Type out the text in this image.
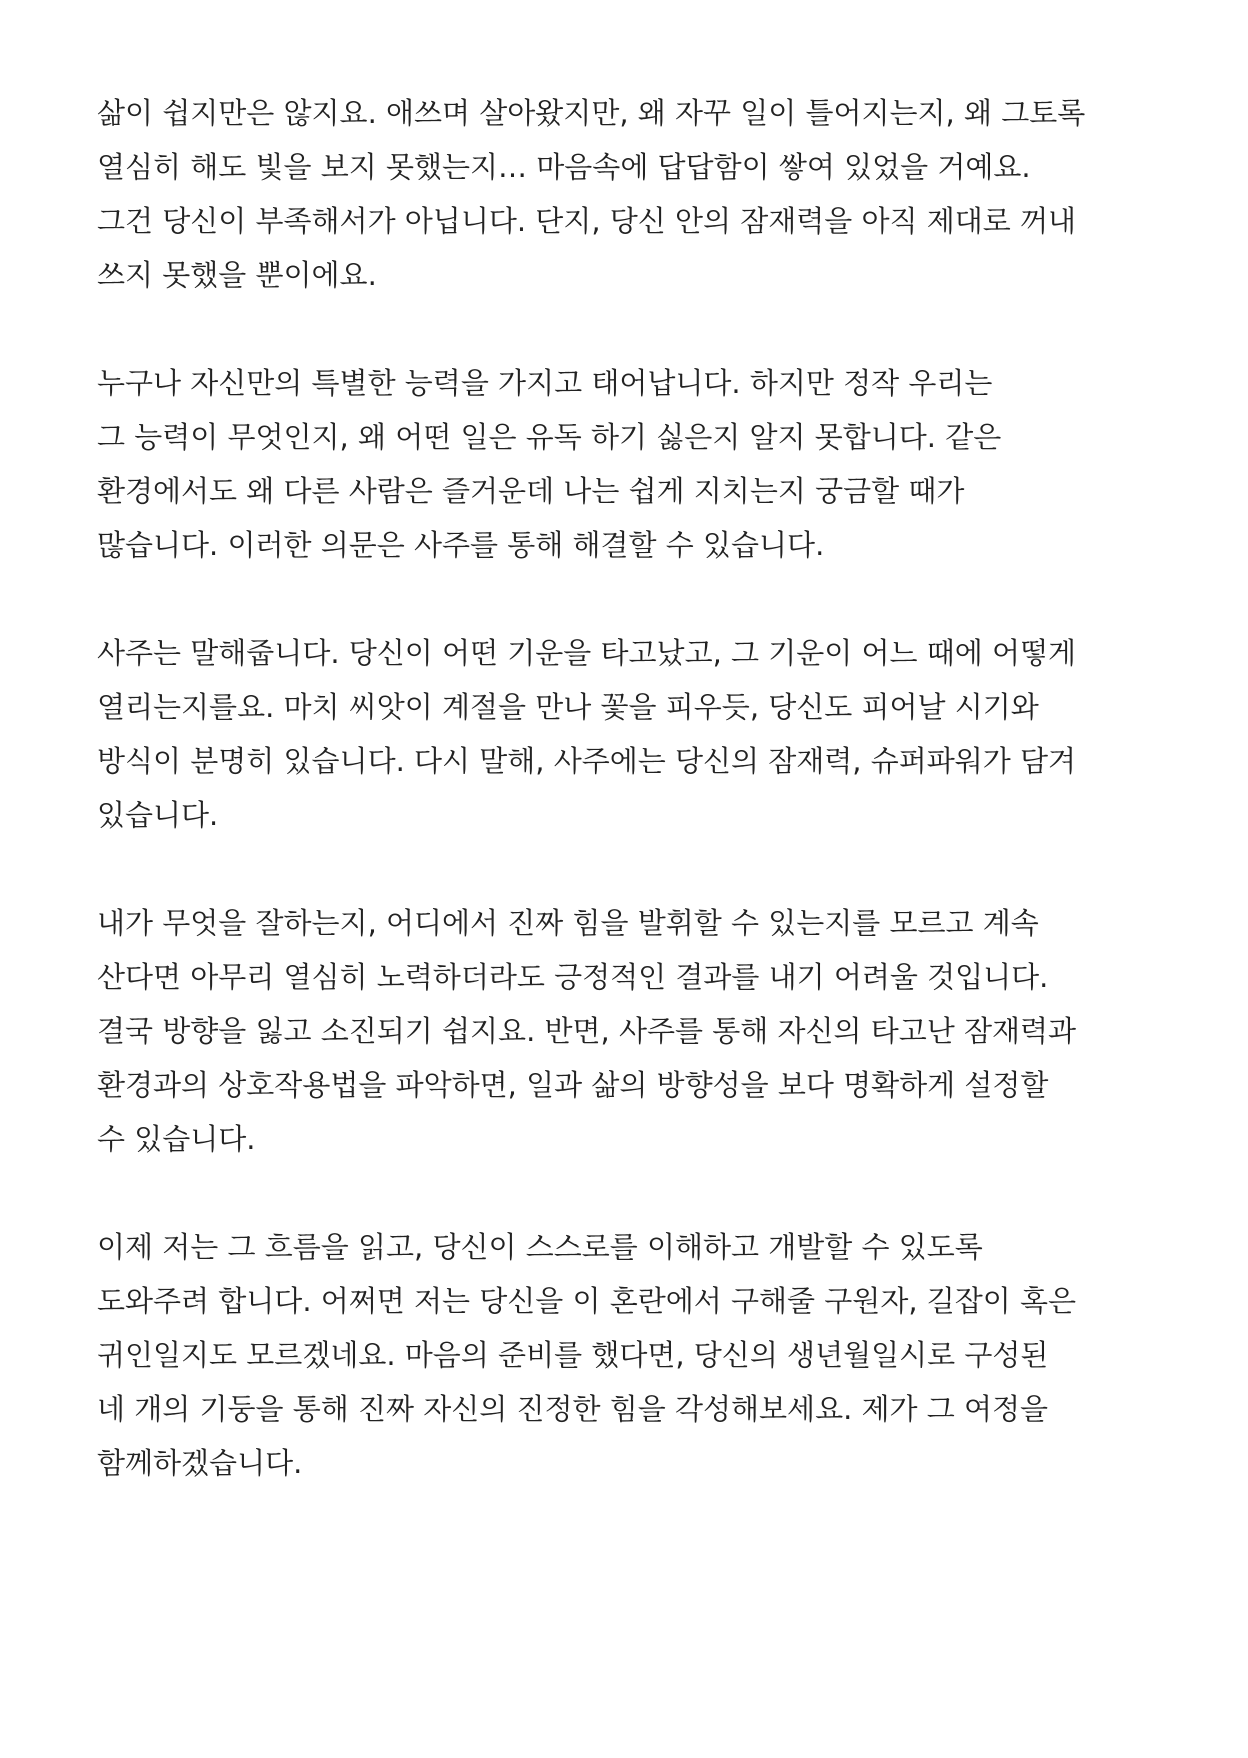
삶이 쉽지만은 않지요. 애쓰며 살아왔지만, 왜 자꾸 일이 틀어지는지, 왜 그토록
열심히 해도 빛을 보지 못했는지… 마음속에 답답함이 쌓여 있었을 거예요.
그건 당신이 부족해서가 아닙니다. 단지, 당신 안의 잠재력을 아직 제대로 꺼내
쓰지 못했을 뿐이에요.

누구나 자신만의 특별한 능력을 가지고 태어납니다. 하지만 정작 우리는
그 능력이 무엇인지, 왜 어떤 일은 유독 하기 싫은지 알지 못합니다. 같은
환경에서도 왜 다른 사람은 즐거운데 나는 쉽게 지치는지 궁금할 때가
많습니다. 이러한 의문은 사주를 통해 해결할 수 있습니다.

사주는 말해줍니다. 당신이 어떤 기운을 타고났고, 그 기운이 어느 때에 어떻게
열리는지를요. 마치 씨앗이 계절을 만나 꽃을 피우듯, 당신도 피어날 시기와
방식이 분명히 있습니다. 다시 말해, 사주에는 당신의 잠재력, 슈퍼파워가 담겨
있습니다.

내가 무엇을 잘하는지, 어디에서 진짜 힘을 발휘할 수 있는지를 모르고 계속
산다면 아무리 열심히 노력하더라도 긍정적인 결과를 내기 어려울 것입니다.
결국 방향을 잃고 소진되기 쉽지요. 반면, 사주를 통해 자신의 타고난 잠재력과
환경과의 상호작용법을 파악하면, 일과 삶의 방향성을 보다 명확하게 설정할
수 있습니다.

이제 저는 그 흐름을 읽고, 당신이 스스로를 이해하고 개발할 수 있도록
도와주려 합니다. 어쩌면 저는 당신을 이 혼란에서 구해줄 구원자, 길잡이 혹은
귀인일지도 모르겠네요. 마음의 준비를 했다면, 당신의 생년월일시로 구성된
네 개의 기둥을 통해 진짜 자신의 진정한 힘을 각성해보세요. 제가 그 여정을
함께하겠습니다.
